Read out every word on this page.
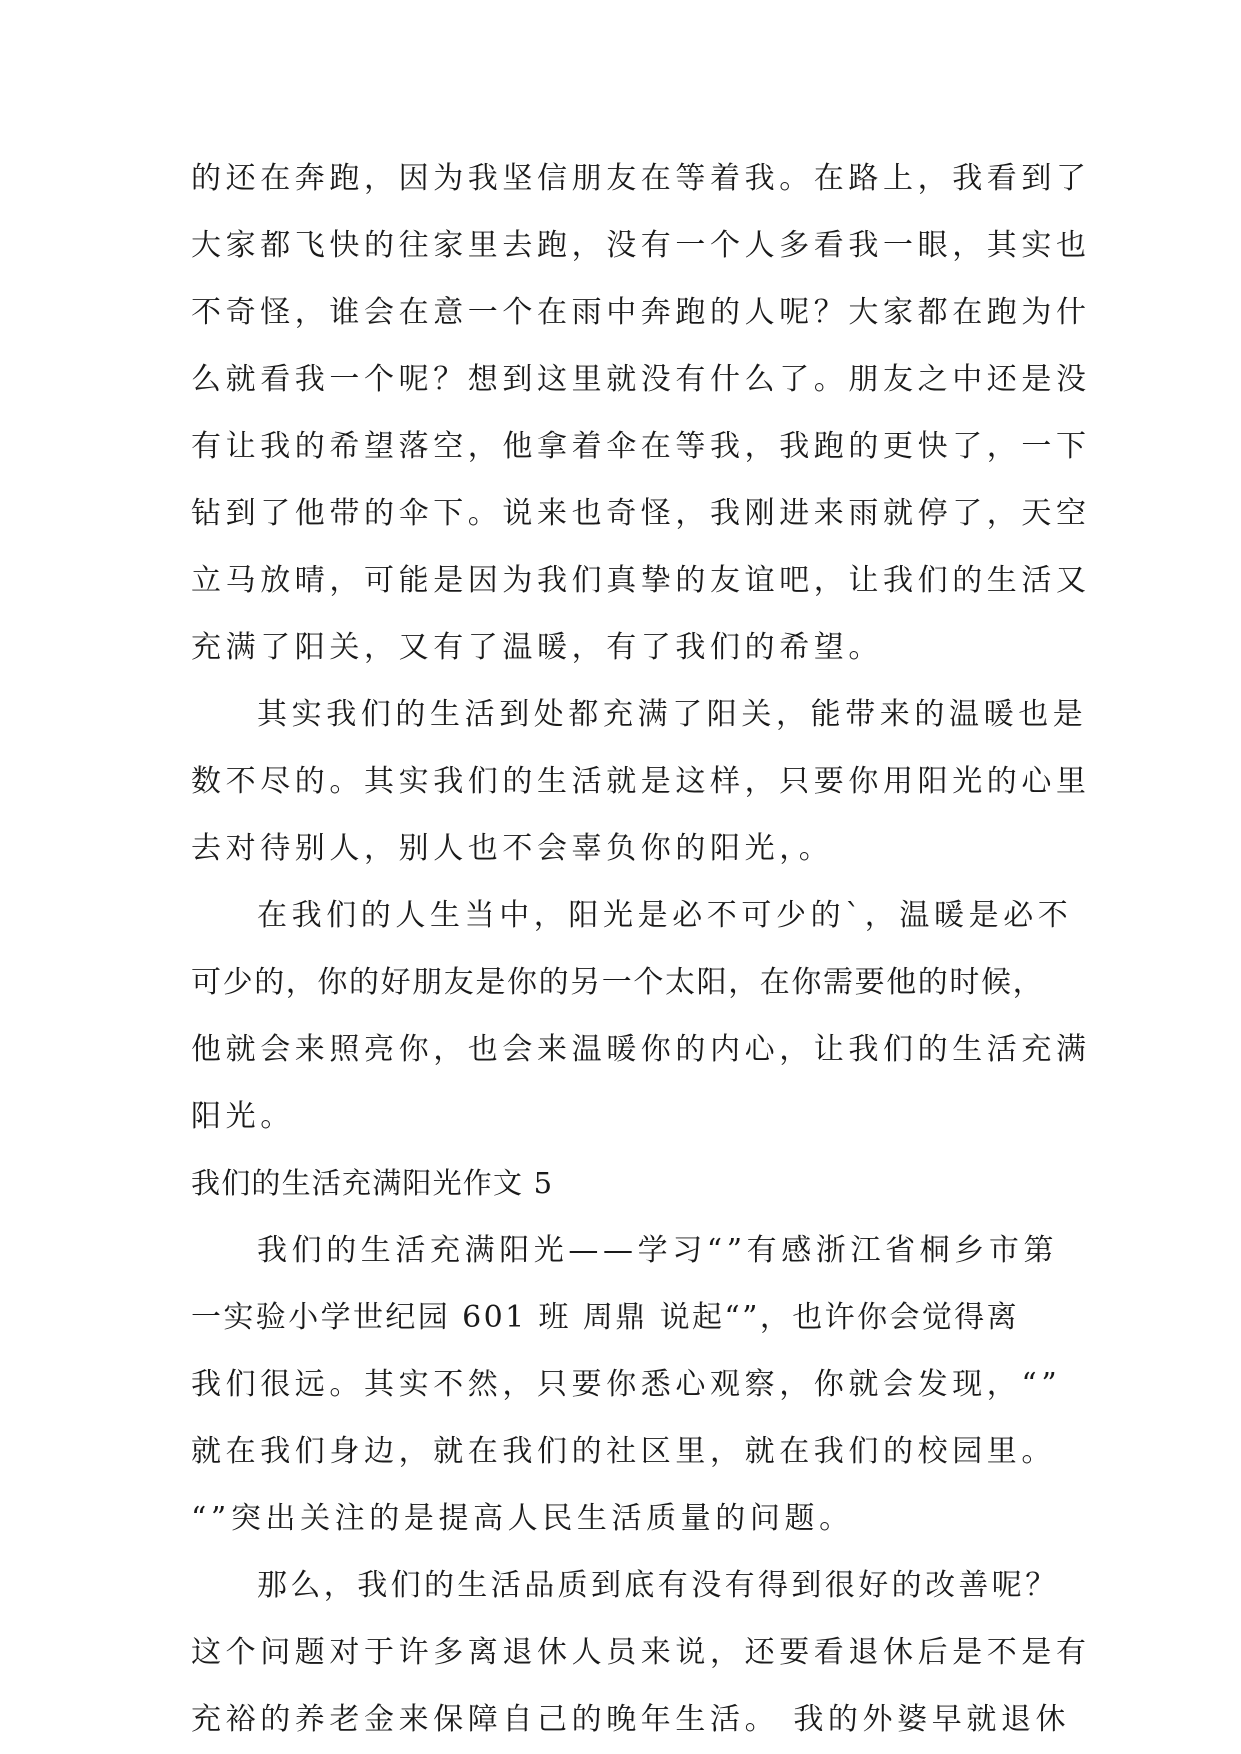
的还在奔跑，因为我坚信朋友在等着我。在路上，我看到了
大家都飞快的往家里去跑，没有一个人多看我一眼，其实也
不奇怪，谁会在意一个在雨中奔跑的人呢？大家都在跑为什
么就看我一个呢？想到这里就没有什么了。朋友之中还是没
有让我的希望落空，他拿着伞在等我，我跑的更快了，一下
钻到了他带的伞下。说来也奇怪，我刚进来雨就停了，天空
立马放晴，可能是因为我们真挚的友谊吧，让我们的生活又
充满了阳关，又有了温暖，有了我们的希望。
其实我们的生活到处都充满了阳关，能带来的温暖也是
数不尽的。其实我们的生活就是这样，只要你用阳光的心里
去对待别人，别人也不会辜负你的阳光，。
在我们的人生当中，阳光是必不可少的`，温暖是必不
可少的，你的好朋友是你的另一个太阳，在你需要他的时候，
他就会来照亮你，也会来温暖你的内心，让我们的生活充满
阳光。
我们的生活充满阳光作文 5
我们的生活充满阳光——学习“”有感浙江省桐乡市第
一实验小学世纪园 601 班 周鼎 说起“”，也许你会觉得离
我们很远。其实不然，只要你悉心观察，你就会发现，“”
就在我们身边，就在我们的社区里，就在我们的校园里。
“”突出关注的是提高人民生活质量的问题。
那么，我们的生活品质到底有没有得到很好的改善呢？
这个问题对于许多离退休人员来说，还要看退休后是不是有
充裕的养老金来保障自己的晚年生活。 我的外婆早就退休
